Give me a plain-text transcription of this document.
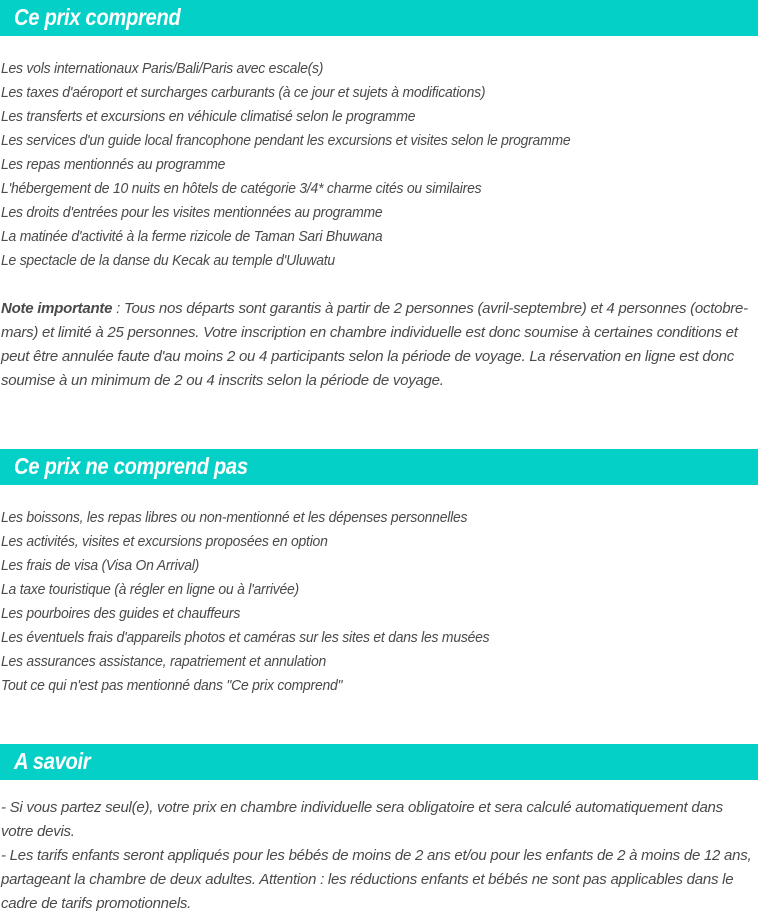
Ce prix comprend
Les vols internationaux Paris/Bali/Paris avec escale(s)
Les taxes d'aéroport et surcharges carburants (à ce jour et sujets à modifications)
Les transferts et excursions en véhicule climatisé selon le programme
Les services d'un guide local francophone pendant les excursions et visites selon le programme
Les repas mentionnés au programme
L'hébergement de 10 nuits en hôtels de catégorie 3/4* charme cités ou similaires
Les droits d'entrées pour les visites mentionnées au programme
La matinée d'activité à la ferme rizicole de Taman Sari Bhuwana
Le spectacle de la danse du Kecak au temple d'Uluwatu

Note importante : Tous nos départs sont garantis à partir de 2 personnes (avril-septembre) et 4 personnes (octobre-mars) et limité à 25 personnes. Votre inscription en chambre individuelle est donc soumise à certaines conditions et peut être annulée faute d'au moins 2 ou 4 participants selon la période de voyage. La réservation en ligne est donc soumise à un minimum de 2 ou 4 inscrits selon la période de voyage.

Ce prix ne comprend pas
Les boissons, les repas libres ou non-mentionné et les dépenses personnelles
Les activités, visites et excursions proposées en option
Les frais de visa (Visa On Arrival)
La taxe touristique (à régler en ligne ou à l'arrivée)
Les pourboires des guides et chauffeurs
Les éventuels frais d'appareils photos et caméras sur les sites et dans les musées
Les assurances assistance, rapatriement et annulation
Tout ce qui n'est pas mentionné dans "Ce prix comprend"
A savoir

- Si vous partez seul(e), votre prix en chambre individuelle sera obligatoire et sera calculé automatiquement dans votre devis.

- Les tarifs enfants seront appliqués pour les bébés de moins de 2 ans et/ou pour les enfants de 2 à moins de 12 ans, partageant la chambre de deux adultes. Attention : les réductions enfants et bébés ne sont pas applicables dans le cadre de tarifs promotionnels.
